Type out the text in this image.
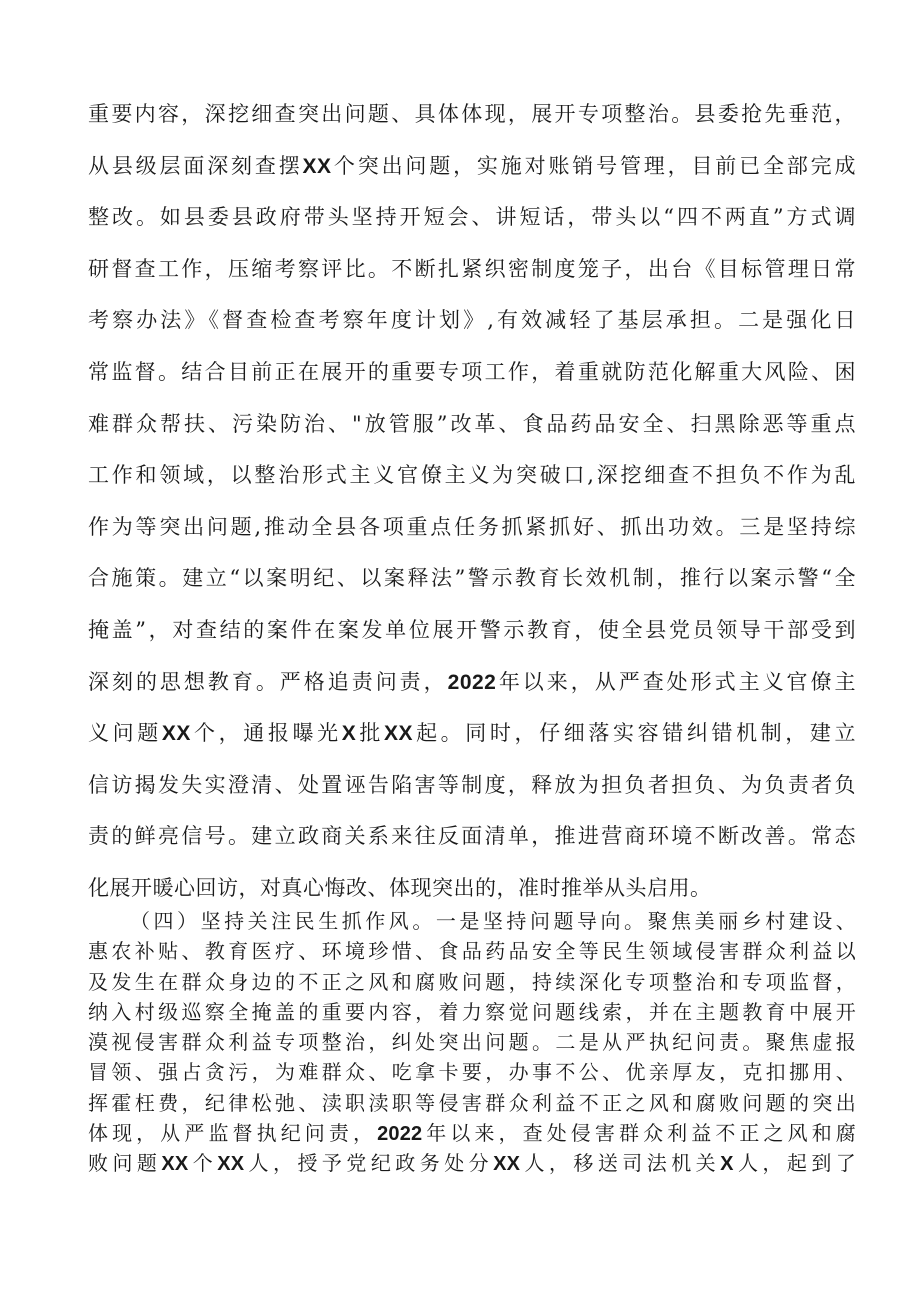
重要内容，深挖细查突出问题、具体体现，展开专项整治。县委抢先垂范，
从县级层面深刻查摆XX个突出问题，实施对账销号管理，目前已全部完成
整改。如县委县政府带头坚持开短会、讲短话，带头以“四不两直”方式调
研督查工作，压缩考察评比。不断扎紧织密制度笼子，出台《目标管理日常
考察办法》《督查检查考察年度计划》,有效减轻了基层承担。二是强化日
常监督。结合目前正在展开的重要专项工作，着重就防范化解重大风险、困
难群众帮扶、污染防治、"放管服”改革、食品药品安全、扫黑除恶等重点
工作和领域，以整治形式主义官僚主义为突破口,深挖细查不担负不作为乱
作为等突出问题,推动全县各项重点任务抓紧抓好、抓出功效。三是坚持综
合施策。建立“以案明纪、以案释法”警示教育长效机制，推行以案示警“全
掩盖”，对查结的案件在案发单位展开警示教育，使全县党员领导干部受到
深刻的思想教育。严格追责问责，2022年以来，从严查处形式主义官僚主
义问题XX个，通报曝光X批XX起。同时，仔细落实容错纠错机制，建立
信访揭发失实澄清、处置诬告陷害等制度，释放为担负者担负、为负责者负
责的鲜亮信号。建立政商关系来往反面清单，推进营商环境不断改善。常态
化展开暖心回访，对真心悔改、体现突出的，准时推举从头启用。
（四）坚持关注民生抓作风。一是坚持问题导向。聚焦美丽乡村建设、
惠农补贴、教育医疗、环境珍惜、食品药品安全等民生领域侵害群众利益以
及发生在群众身边的不正之风和腐败问题，持续深化专项整治和专项监督，
纳入村级巡察全掩盖的重要内容，着力察觉问题线索，并在主题教育中展开
漠视侵害群众利益专项整治，纠处突出问题。二是从严执纪问责。聚焦虚报
冒领、强占贪污，为难群众、吃拿卡要，办事不公、优亲厚友，克扣挪用、
挥霍枉费，纪律松弛、渎职渎职等侵害群众利益不正之风和腐败问题的突出
体现，从严监督执纪问责，2022年以来，查处侵害群众利益不正之风和腐
败问题XX个XX人，授予党纪政务处分XX人，移送司法机关X人，起到了
